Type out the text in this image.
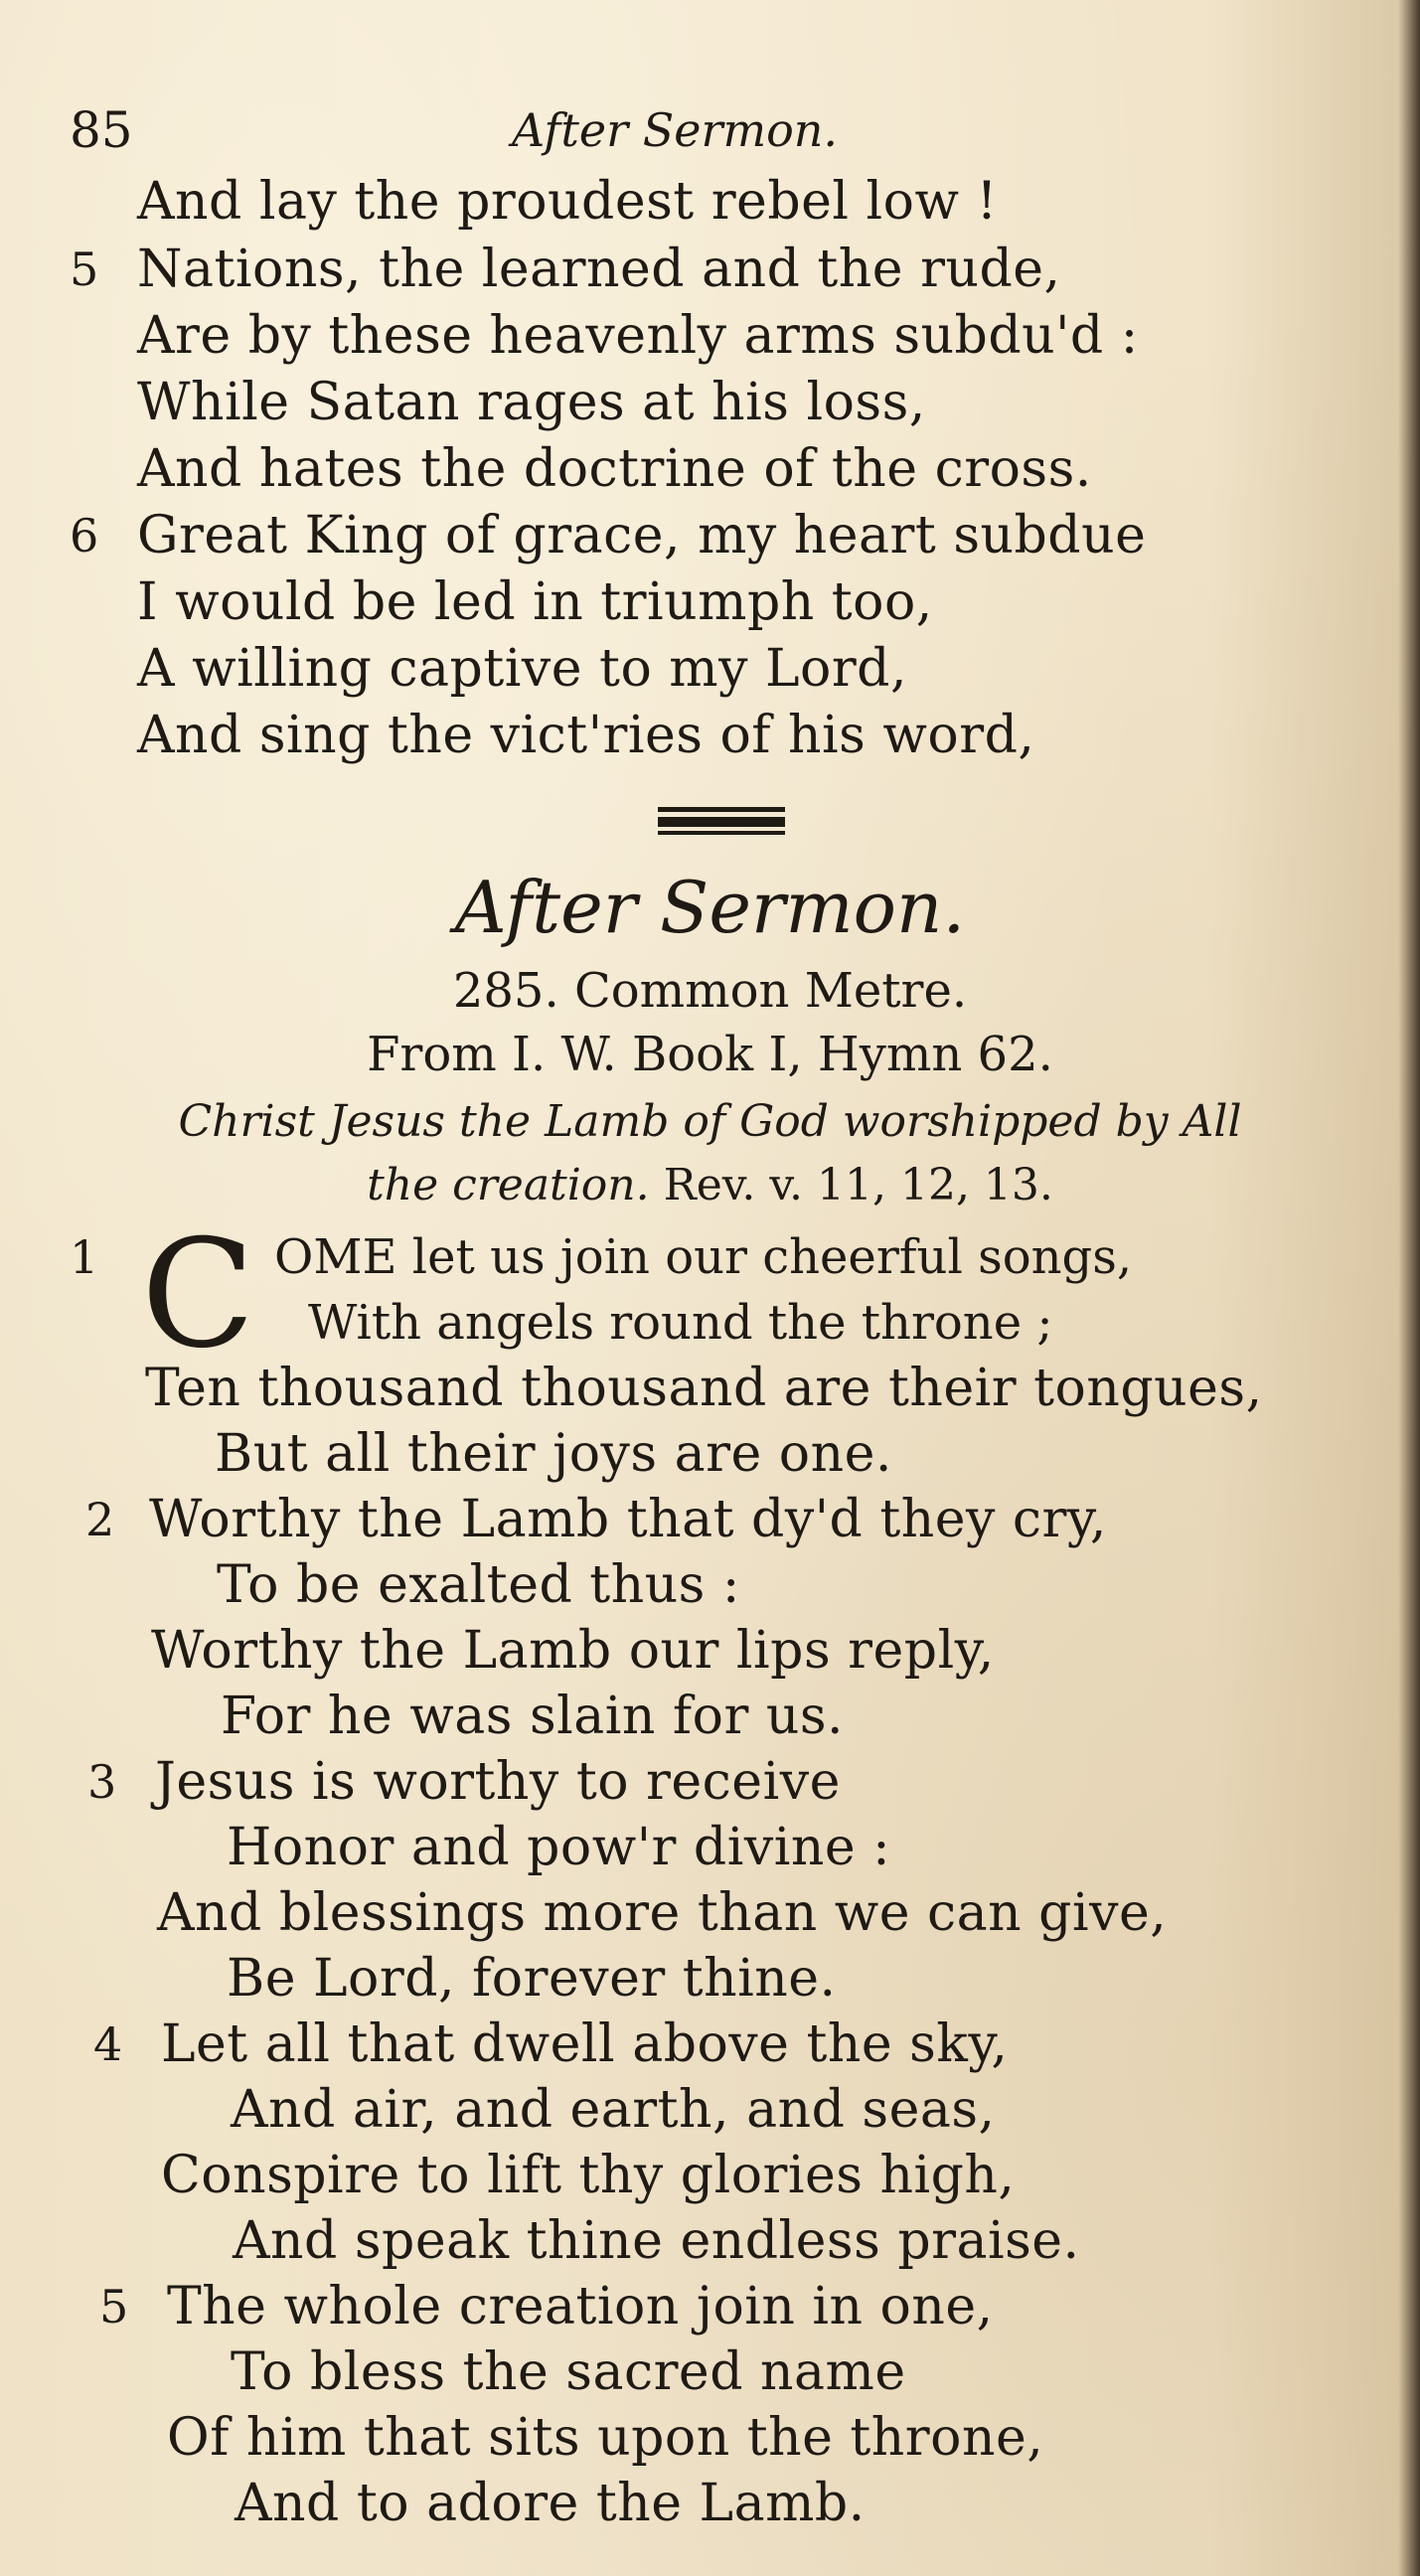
85	After Sermon.
And lay the proudest rebel low !
5 Nations, the learned and the rude,
Are by these heavenly arms subdu'd :
While Satan rages at his loss,
And hates the doctrine of the cross.
6 Great King of grace, my heart subdue
I would be led in triumph too,
A willing captive to my Lord,
And sing the vict'ries of his word,
After Sermon.
285. Common Metre.
From I. W. Book I, Hymn 62.
Christ Jesus the Lamb of God worshipped by All
the creation. Rev. v. 11, 12, 13.
1 C OME let us join our cheerful songs,
With angels round the throne ;
Ten thousand thousand are their tongues,
But all their joys are one.
2 Worthy the Lamb that dy'd they cry,
To be exalted thus :
Worthy the Lamb our lips reply,
For he was slain for us.
3 Jesus is worthy to receive
Honor and pow'r divine :
And blessings more than we can give,
Be Lord, forever thine.
4 Let all that dwell above the sky,
And air, and earth, and seas,
Conspire to lift thy glories high,
And speak thine endless praise.
5 The whole creation join in one,
To bless the sacred name
Of him that sits upon the throne,
And to adore the Lamb.
